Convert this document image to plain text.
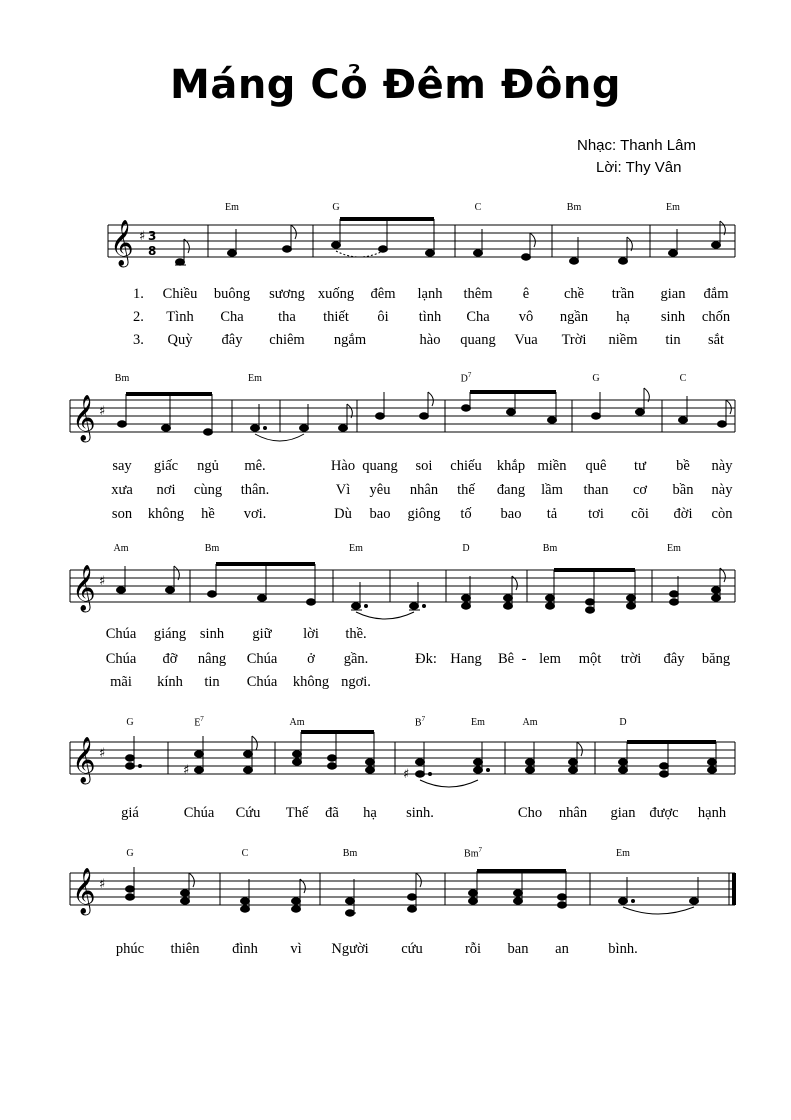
Máng Cỏ Đêm Đông
Nhạc: Thanh Lâm
Lời: Thy Vân
𝄞 ♯ 3
8
Em	G	C	Bm	Em
1. Chiều buông sương xuống đêm lạnh thêm ê chề trần gian đắm
2. Tình Cha tha thiết ôi tình Cha vô ngần hạ sinh chốn
3. Quỳ đây chiêm ngắm	hào quang Vua Trời niềm tin sắt
𝄞 ♯
Bm	Em	$D^7$	G	C
say giấc ngủ mê.	Hào quang soi chiếu khắp miền quê tư bề này
xưa nơi cùng thân.	Vì yêu nhân thế đang lầm than cơ bần này
son không hề vơi.	Dù bao giông tố bao tả tơi cõi đời còn
𝄞 ♯
Am	Bm	Em	D	Bm	Em
Chúa giáng sinh giữ lời thề.
Chúa đỡ nâng Chúa ở gần.	Đk: Hang Bê - lem một trời đây băng
mãi kính tin Chúa không ngơi.
𝄞 ♯
♯	♯
G	$E^7$	Am	$B^7$	Em	Am	D
giá	Chúa Cứu Thế đã hạ sinh.	Cho nhân gian được hạnh
𝄞 ♯
G	C	Bm	Bm$^7$	Em
phúc thiên đình vì Người cứu	rỗi ban an	bình.
